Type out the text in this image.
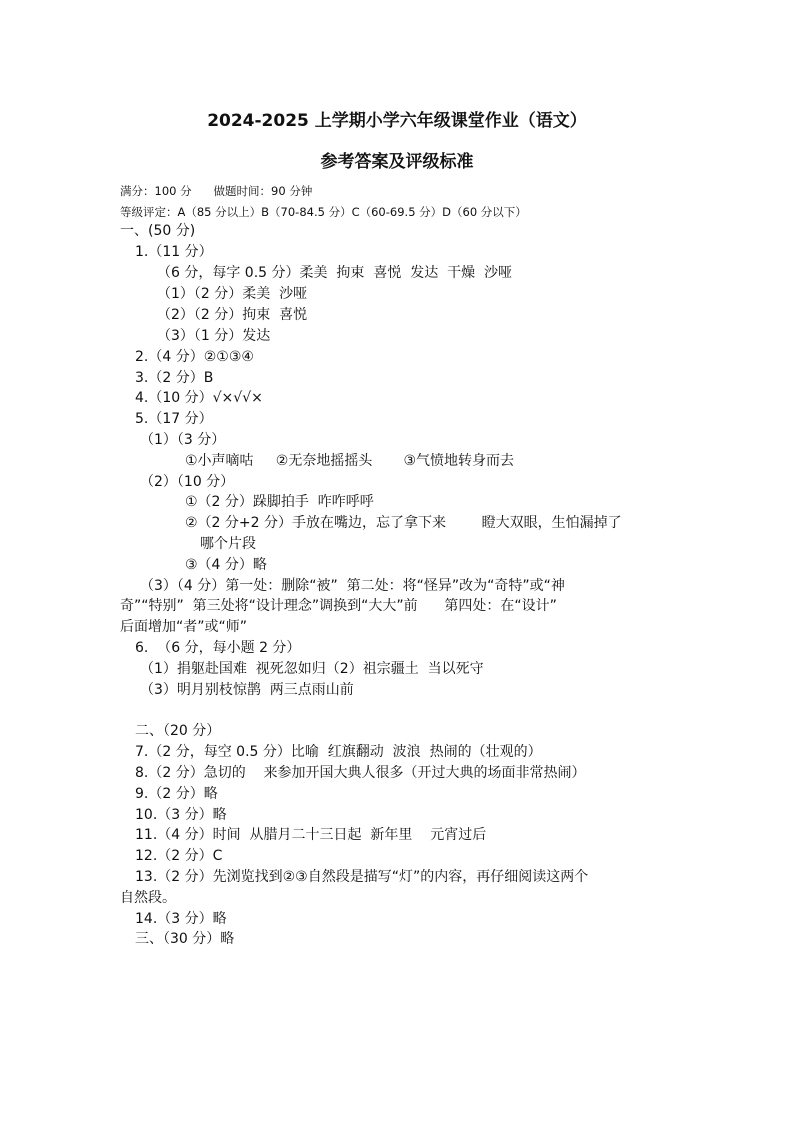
2024-2025 上学期小学六年级课堂作业（语文）
参考答案及评级标准
满分：100 分      做题时间：90 分钟
等级评定：A（85 分以上）B（70-84.5 分）C（60-69.5 分）D（60 分以下）
一、(50 分)
1.（11 分）
（6 分，每字 0.5 分）柔美  拘束  喜悦  发达  干燥  沙哑
（1）（2 分）柔美  沙哑
（2）（2 分）拘束  喜悦
（3）（1 分）发达
2.（4 分）②①③④
3.（2 分）B
4.（10 分）√×√√×
5.（17 分）
（1）（3 分）
①小声嘀咕     ②无奈地摇摇头       ③气愤地转身而去
（2）（10 分）
①（2 分）跺脚拍手  咋咋呼呼
②（2 分+2 分）手放在嘴边，忘了拿下来        瞪大双眼，生怕漏掉了
哪个片段
③（4 分）略
（3）（4 分）第一处：删除“被”  第二处：将“怪异”改为“奇特”或“神
奇”“特别”  第三处将“设计理念”调换到“大大”前      第四处：在“设计”
后面增加“者”或“师”
6.  （6 分，每小题 2 分）
（1）捐躯赴国难  视死忽如归（2）祖宗疆土  当以死守
（3）明月别枝惊鹊  两三点雨山前
二、（20 分）
7.（2 分，每空 0.5 分）比喻  红旗翻动  波浪  热闹的（壮观的）
8.（2 分）急切的    来参加开国大典人很多（开过大典的场面非常热闹）
9.（2 分）略
10.（3 分）略
11.（4 分）时间  从腊月二十三日起  新年里    元宵过后
12.（2 分）C
13.（2 分）先浏览找到②③自然段是描写“灯”的内容，再仔细阅读这两个
自然段。
14.（3 分）略
三、（30 分）略
